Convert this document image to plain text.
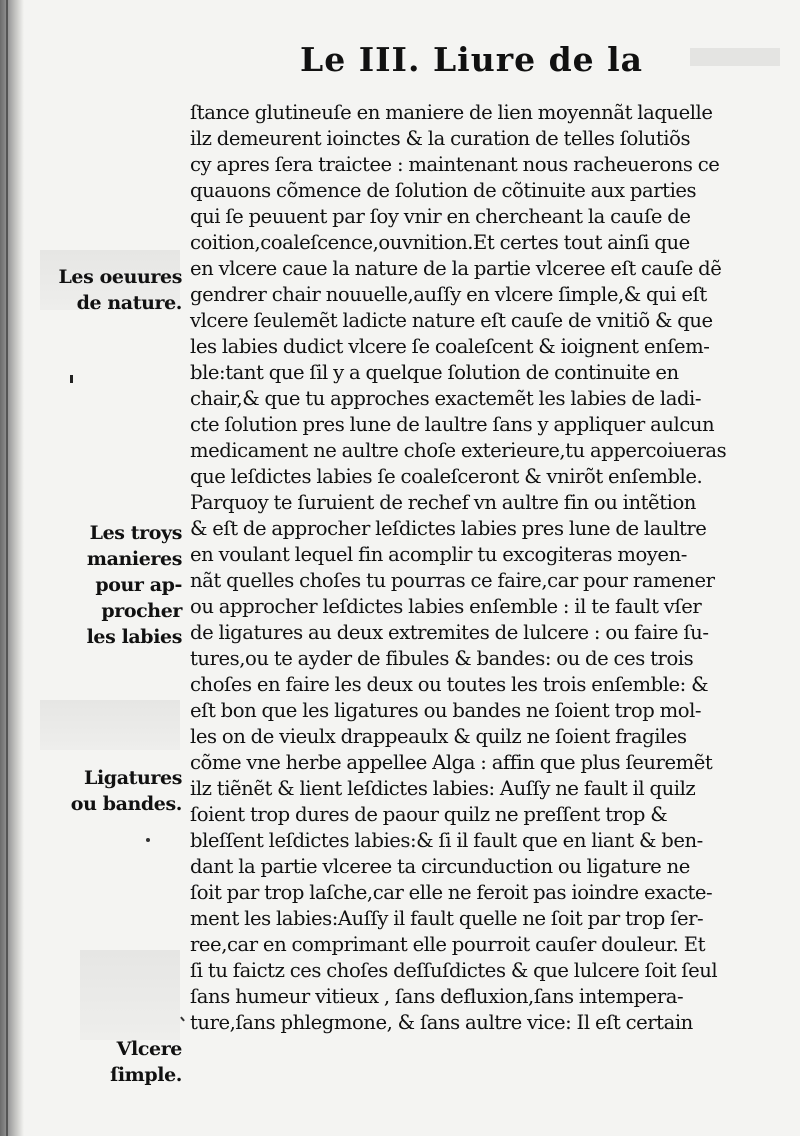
Le III. Liure de la
ſtance glutineuſe en maniere de lien moyennãt laquelle
ilz demeurent ioinctes & la curation de telles ſolutiõs
cy apres ſera traictee : maintenant nous racheuerons ce
quauons cõmence de ſolution de cõtinuite aux parties
qui ſe peuuent par ſoy vnir en chercheant la cauſe de
coition,coaleſcence,ouvnition.Et certes tout ainſi que
en vlcere caue la nature de la partie vlceree eſt cauſe dẽ
gendrer chair nouuelle,auſſy en vlcere ſimple,& qui eſt
vlcere ſeulemẽt ladicte nature eſt cauſe de vnitiõ & que
les labies dudict vlcere ſe coaleſcent & ioignent enſem-
ble:tant que ſil y a quelque ſolution de continuite en
chair,& que tu approches exactemẽt les labies de ladi-
cte ſolution pres lune de laultre ſans y appliquer aulcun
medicament ne aultre choſe exterieure,tu appercoiueras
que leſdictes labies ſe coaleſceront & vnirõt enſemble.
Parquoy te ſuruient de rechef vn aultre fin ou intẽtion
& eſt de approcher leſdictes labies pres lune de laultre
en voulant lequel fin acomplir tu excogiteras moyen-
nãt quelles choſes tu pourras ce faire,car pour ramener
ou approcher leſdictes labies enſemble : il te fault vſer
de ligatures au deux extremites de lulcere : ou faire ſu-
tures,ou te ayder de fibules & bandes: ou de ces trois
choſes en faire les deux ou toutes les trois enſemble: &
eſt bon que les ligatures ou bandes ne ſoient trop mol-
les on de vieulx drappeaulx & quilz ne ſoient fragiles
cõme vne herbe appellee Alga : affin que plus ſeuremẽt
ilz tiẽnẽt & lient leſdictes labies: Auſſy ne fault il quilz
ſoient trop dures de paour quilz ne preſſent trop &
bleſſent leſdictes labies:& ſi il fault que en liant & ben-
dant la partie vlceree ta circunduction ou ligature ne
ſoit par trop laſche,car elle ne feroit pas ioindre exacte-
ment les labies:Auſſy il fault quelle ne ſoit par trop ſer-
ree,car en comprimant elle pourroit cauſer douleur. Et
ſi tu faictz ces choſes deſſuſdictes & que lulcere ſoit ſeul
ſans humeur vitieux , ſans defluxion,ſans intempera-
ture,ſans phlegmone, & ſans aultre vice: Il eſt certain
Les oeuures
de nature.
Les troys
manieres
pour ap-
procher
les labies
Ligatures
ou bandes.
Vlcere
ſimple.
